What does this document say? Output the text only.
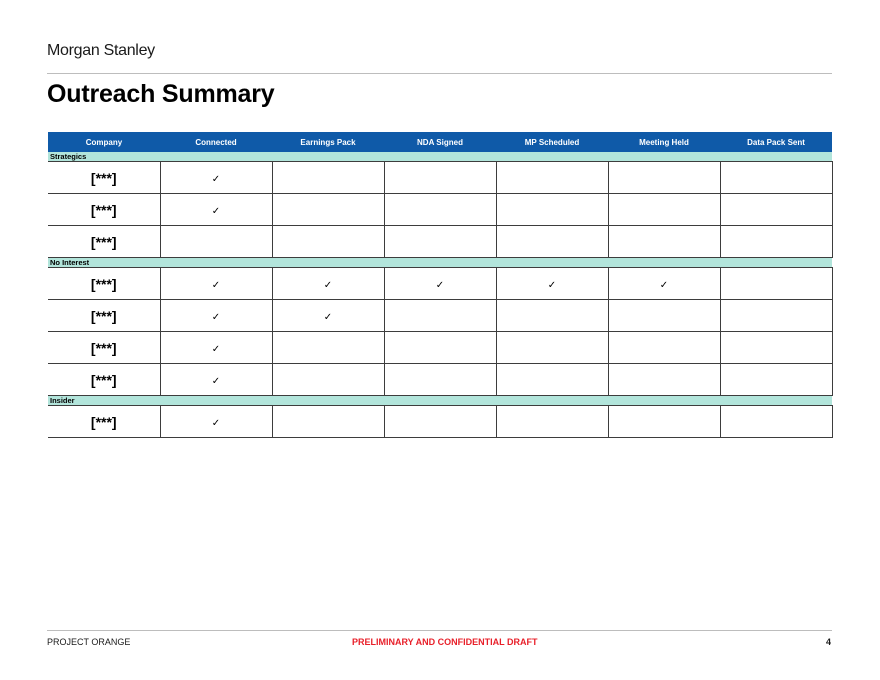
Morgan Stanley
Outreach Summary
Company	Connected	Earnings Pack	NDA Signed	MP Scheduled	Meeting Held	Data Pack Sent
Strategics						
[***]	✓					
[***]	✓					
[***]						
No Interest						
[***]	✓	✓	✓	✓	✓	
[***]	✓	✓				
[***]	✓					
[***]	✓					
Insider						
[***]	✓					
PROJECT ORANGE	PRELIMINARY AND CONFIDENTIAL DRAFT	4
